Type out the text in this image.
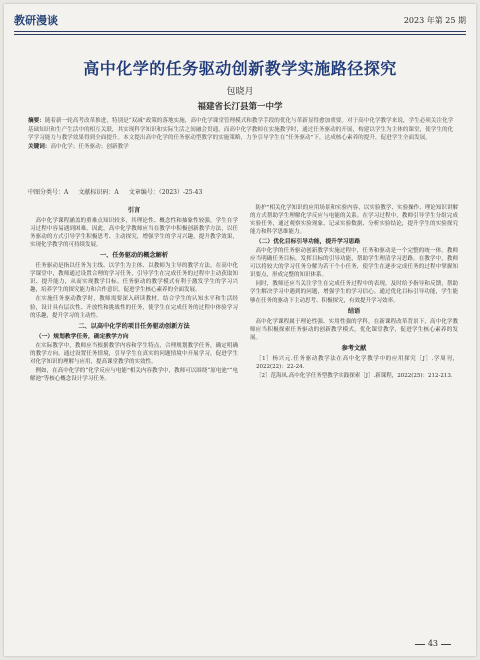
教研漫谈	2023 年第 25 期
高中化学的任务驱动创新教学实施路径探究
包晓月
福建省长汀县第一中学
摘要：随着新一轮高考改革推进，特别是“双减”政策的落地实施，高中化学课堂管理模式和教学手段的优化与革新显得愈加重要。对于高中化学教学来说，学生必须关注化学基础知识和生产生活中的相互关联，其实现科学知识和实际生活之间融会贯通。而高中化学教师在实施教学时，通过任务驱动的开展，构建以学生为主体的课堂，使学生的化学学习能力与教学效果得到全面提升。本文提出高中化学的任务驱动型教学的实施策略，力争引导学生在“任务驱动”下，达成核心素养的提升，促进学生全面发展。
关键词：高中化学；任务驱动；创新教学
中图分类号：A 文献标识码：A 文章编号：（2023）-25-43
引言

高中化学课程涵盖的重难点知识较多，其理论性、概念性和抽象性较强，学生在学习过程中容易遇到困难。因此，高中化学教师应当在教学中积极创新教学方法，以任务驱动的方式引导学生积极思考、主动探究，增强学生的学习兴趣，提升教学效果，实现化学教学的可持续发展。

一、任务驱动的概念解析

任务驱动是指以任务为主线、以学生为主体、以教师为主导的教学方法。在高中化学课堂中，教师通过设置合理的学习任务，引导学生在完成任务的过程中主动获取知识、提升能力，从而实现教学目标。任务驱动的教学模式有利于激发学生的学习兴趣，培养学生的探究能力和合作意识，促进学生核心素养的全面发展。

在实施任务驱动教学时，教师需要深入研读教材，结合学生的认知水平和生活经验，设计具有层次性、开放性和挑战性的任务，使学生在完成任务的过程中体验学习的乐趣，提升学习的主动性。

二、以高中化学的项目任务驱动创新方法
（一）规划教学任务，确定教学方向

在实际教学中，教师应当根据教学内容和学生特点，合理规划教学任务，确定明确的教学方向。通过设置任务情境，引导学生在真实的问题情境中开展学习，促进学生对化学知识的理解与应用，提高课堂教学的实效性。

例如，在高中化学的“化学反应与电能”相关内容教学中，教师可以围绕“原电池”“电解池”等核心概念设计学习任务。

防护”相关化学知识的应用场景和实验内容，以实验教学、实验操作、理论知识讲解的方式帮助学生理解化学反应与电能的关系。在学习过程中，教师引导学生分组完成实验任务，通过观察实验现象、记录实验数据、分析实验结论，提升学生的实验探究能力和科学思维能力。

（二）优化目标引导功能，提升学习思路

高中化学的任务驱动创新教学实施过程中，任务和驱动是一个完整的统一体。教师应当明确任务目标，发挥目标的引导功能，帮助学生理清学习思路。在教学中，教师可以将较大的学习任务分解为若干个小任务，使学生在逐步完成任务的过程中掌握知识要点，形成完整的知识体系。

同时，教师还应当关注学生在完成任务过程中的表现，及时给予指导和反馈，帮助学生解决学习中遇到的问题，增强学生的学习信心。通过优化目标引导功能，学生能够在任务的驱动下主动思考、积极探究，有效提升学习效率。

结语

高中化学课程属于理论性强、实用性强的学科，在新课程改革背景下，高中化学教师应当积极探索任务驱动的创新教学模式，优化课堂教学，促进学生核心素养的发展。

参考文献

［1］杨兴元.任务驱动教学法在高中化学教学中的应用探究［J］.学周刊，2022(22)：22-24.

［2］范海凤.高中化学任务型教学实践探索［J］.新课程，2022(25)：212-213.

43
